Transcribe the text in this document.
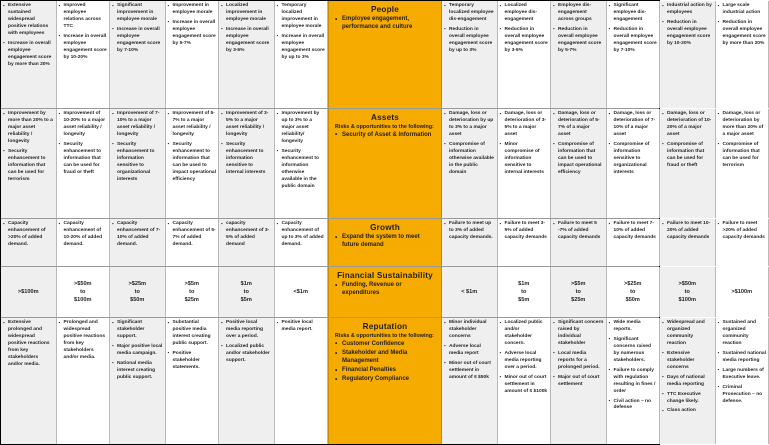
▪ Extensive sustained widespread positive relations with employees
▪ Increase in overall employee engagement score by more than 20%
▪ Improved employee relations across TTC
▪ Increase in overall employee engagement score by 10-20%
▪ Significant improvement in employee morale
▪ Increase in overall employee engagement score by 7-10%
▪ Improvement in employee morale
▪ Increase in overall employee engagement score by 5-7%
▪ Localized improvement in employee morale
▪ Increase in overall employee engagement score by 3-5%
▪ Temporary localized improvement in employee morale
▪ Increase in overall employee engagement score by up to 3%
People
• Employee engagement, performance and culture
▪ Temporary localized employee dis-engagement
▪ Reduction in overall employee engagement score by up to 3%
▪ Localized employee dis-engagement
▪ Reduction in overall employee engagement score by 3-5%
▪ Employee dis-engagement across groups
▪ Reduction in overall employee engagement score by 5-7%
▪ Significant employee dis-engagement
▪ Reduction in overall employee engagement score by 7-10%
▪ Industrial action by employees
▪ Reduction in overall employee engagement score by 10-20%
▪ Large scale industrial action
▪ Reduction in overall employee engagement score by more than 20%
▪ Improvement by more than 20% to a major asset reliability / longevity
▪ Security enhancement to information that can be used for terrorism
▪ Improvement of 10-20% to a major asset reliability / longevity
▪ Security enhancement to information that can be used for fraud or theft
▪ Improvement of 7-10% to a major asset reliability / longevity
▪ Security enhancement to information sensitive to organizational interests
▪ Improvement of 5-7% to a major asset reliability / longevity
▪ Security enhancement to information that can be used to impact operational efficiency
▪ Improvement of 3-5% to a major asset reliability / longevity
▪ Security enhancement to information sensitive to internal interests
▪ Improvement by up to 3% to a major asset reliability/ longevity
▪ Security enhancement to information otherwise available in the public domain
Assets
Risks & opportunities to the following:
• Security of Asset & Information
▪ Damage, loss or deterioration by up to 3% to a major asset
▪ Compromise of information otherwise available in the public domain
▪ Damage, loss or deterioration of 3-5% to a major asset
▪ Minor compromise of information sensitive to internal interests
▪ Damage, loss or deterioration of 5-7% of a major asset
▪ Compromise of information that can be used to impact operational efficiency
▪ Damage, loss or deterioration of 7-10% of a major asset
▪ Compromise of information sensitive to organizational interests
▪ Damage, loss or deterioration of 10-20% of a major asset
▪ Compromise of information that can be used for fraud or theft
▪ Damage, loss or deterioration by more than 20% of a major asset
▪ Compromise of information that can be used for terrorism
▪ Capacity enhancement of >20% of added demand.
▪ Capacity enhancement of 10-20% of added demand.
▪ Capacity enhancement of 7-10% of added demand.
▪ Capacity enhancement of 5-7% of added demand.
▪ capacity enhancement of 3-5% of added demand
▪ Capacity enhancement of up to 3% of added demand.
Growth
• Expand the system to meet future demand
▪ Failure to meet up to 3% of added capacity demands.
▪ Failure to meet 3-5% of added capacity demands
▪ Failure to meet 5 -7% of added capacity demands
▪ Failure to meet 7-10% of added capacity demands
▪ Failure to meet 10-20% of added capacity demands
▪ Failure to meet >20% of added capacity demands
>$100m
>$50m
to
$100m
>$25m
to
$50m
>$5m
to
$25m
$1m
to
$5m
<$1m
Financial Sustainability
• Funding, Revenue or expenditures	< $1m
$1m
to
$5m
>$5m
to
$25m
>$25m
to
$50m
>$50m
to
$100m
>$100m
▪ Extensive prolonged and widespread positive reactions from key stakeholders and/or media.
▪ Prolonged and widespread positive reactions from key stakeholders and/or media.
▪ Significant stakeholder support.
▪ Major positive local media campaign.
▪ National media interest creating public support.
▪ Substantial positive media interest creating public support.
▪ Positive stakeholder statements.
▪ Positive local media reporting over a period.
▪ Localized public and/or stakeholder support.
▪ Positive local media report.	Reputation
Risks & opportunities to the following:
• Customer Confidence
• Stakeholder and Media Management
• Financial Penalties
• Regulatory Compliance
▪ Minor individual stakeholder concerns
▪ Adverse local media report
▪ Minor out of court settlement in amount of ≤ $50k
▪ Localized public and/or stakeholder concern.
▪ Adverse local media reporting over a period.
▪ Minor out of court settlement in amount of ≤ $100k
▪ Significant concern raised by individual stakeholder
▪ Local media reports for a prolonged period.
▪ Major out of court settlement
▪ Wide media reports.
▪ Significant concerns raised by numerous stakeholders.
▪ Failure to comply with regulation resulting in fines / order
▪ Civil action – no defense
▪ Widespread and organized community reaction
▪ Extensive stakeholder concerns
▪ Days of national media reporting
▪ TTC Executive change likely.
▪ Class action
▪ Sustained and organized community reaction
▪ Sustained national media reporting
▪ Large numbers of Executive leave.
▪ Criminal Prosecution – no defense.
